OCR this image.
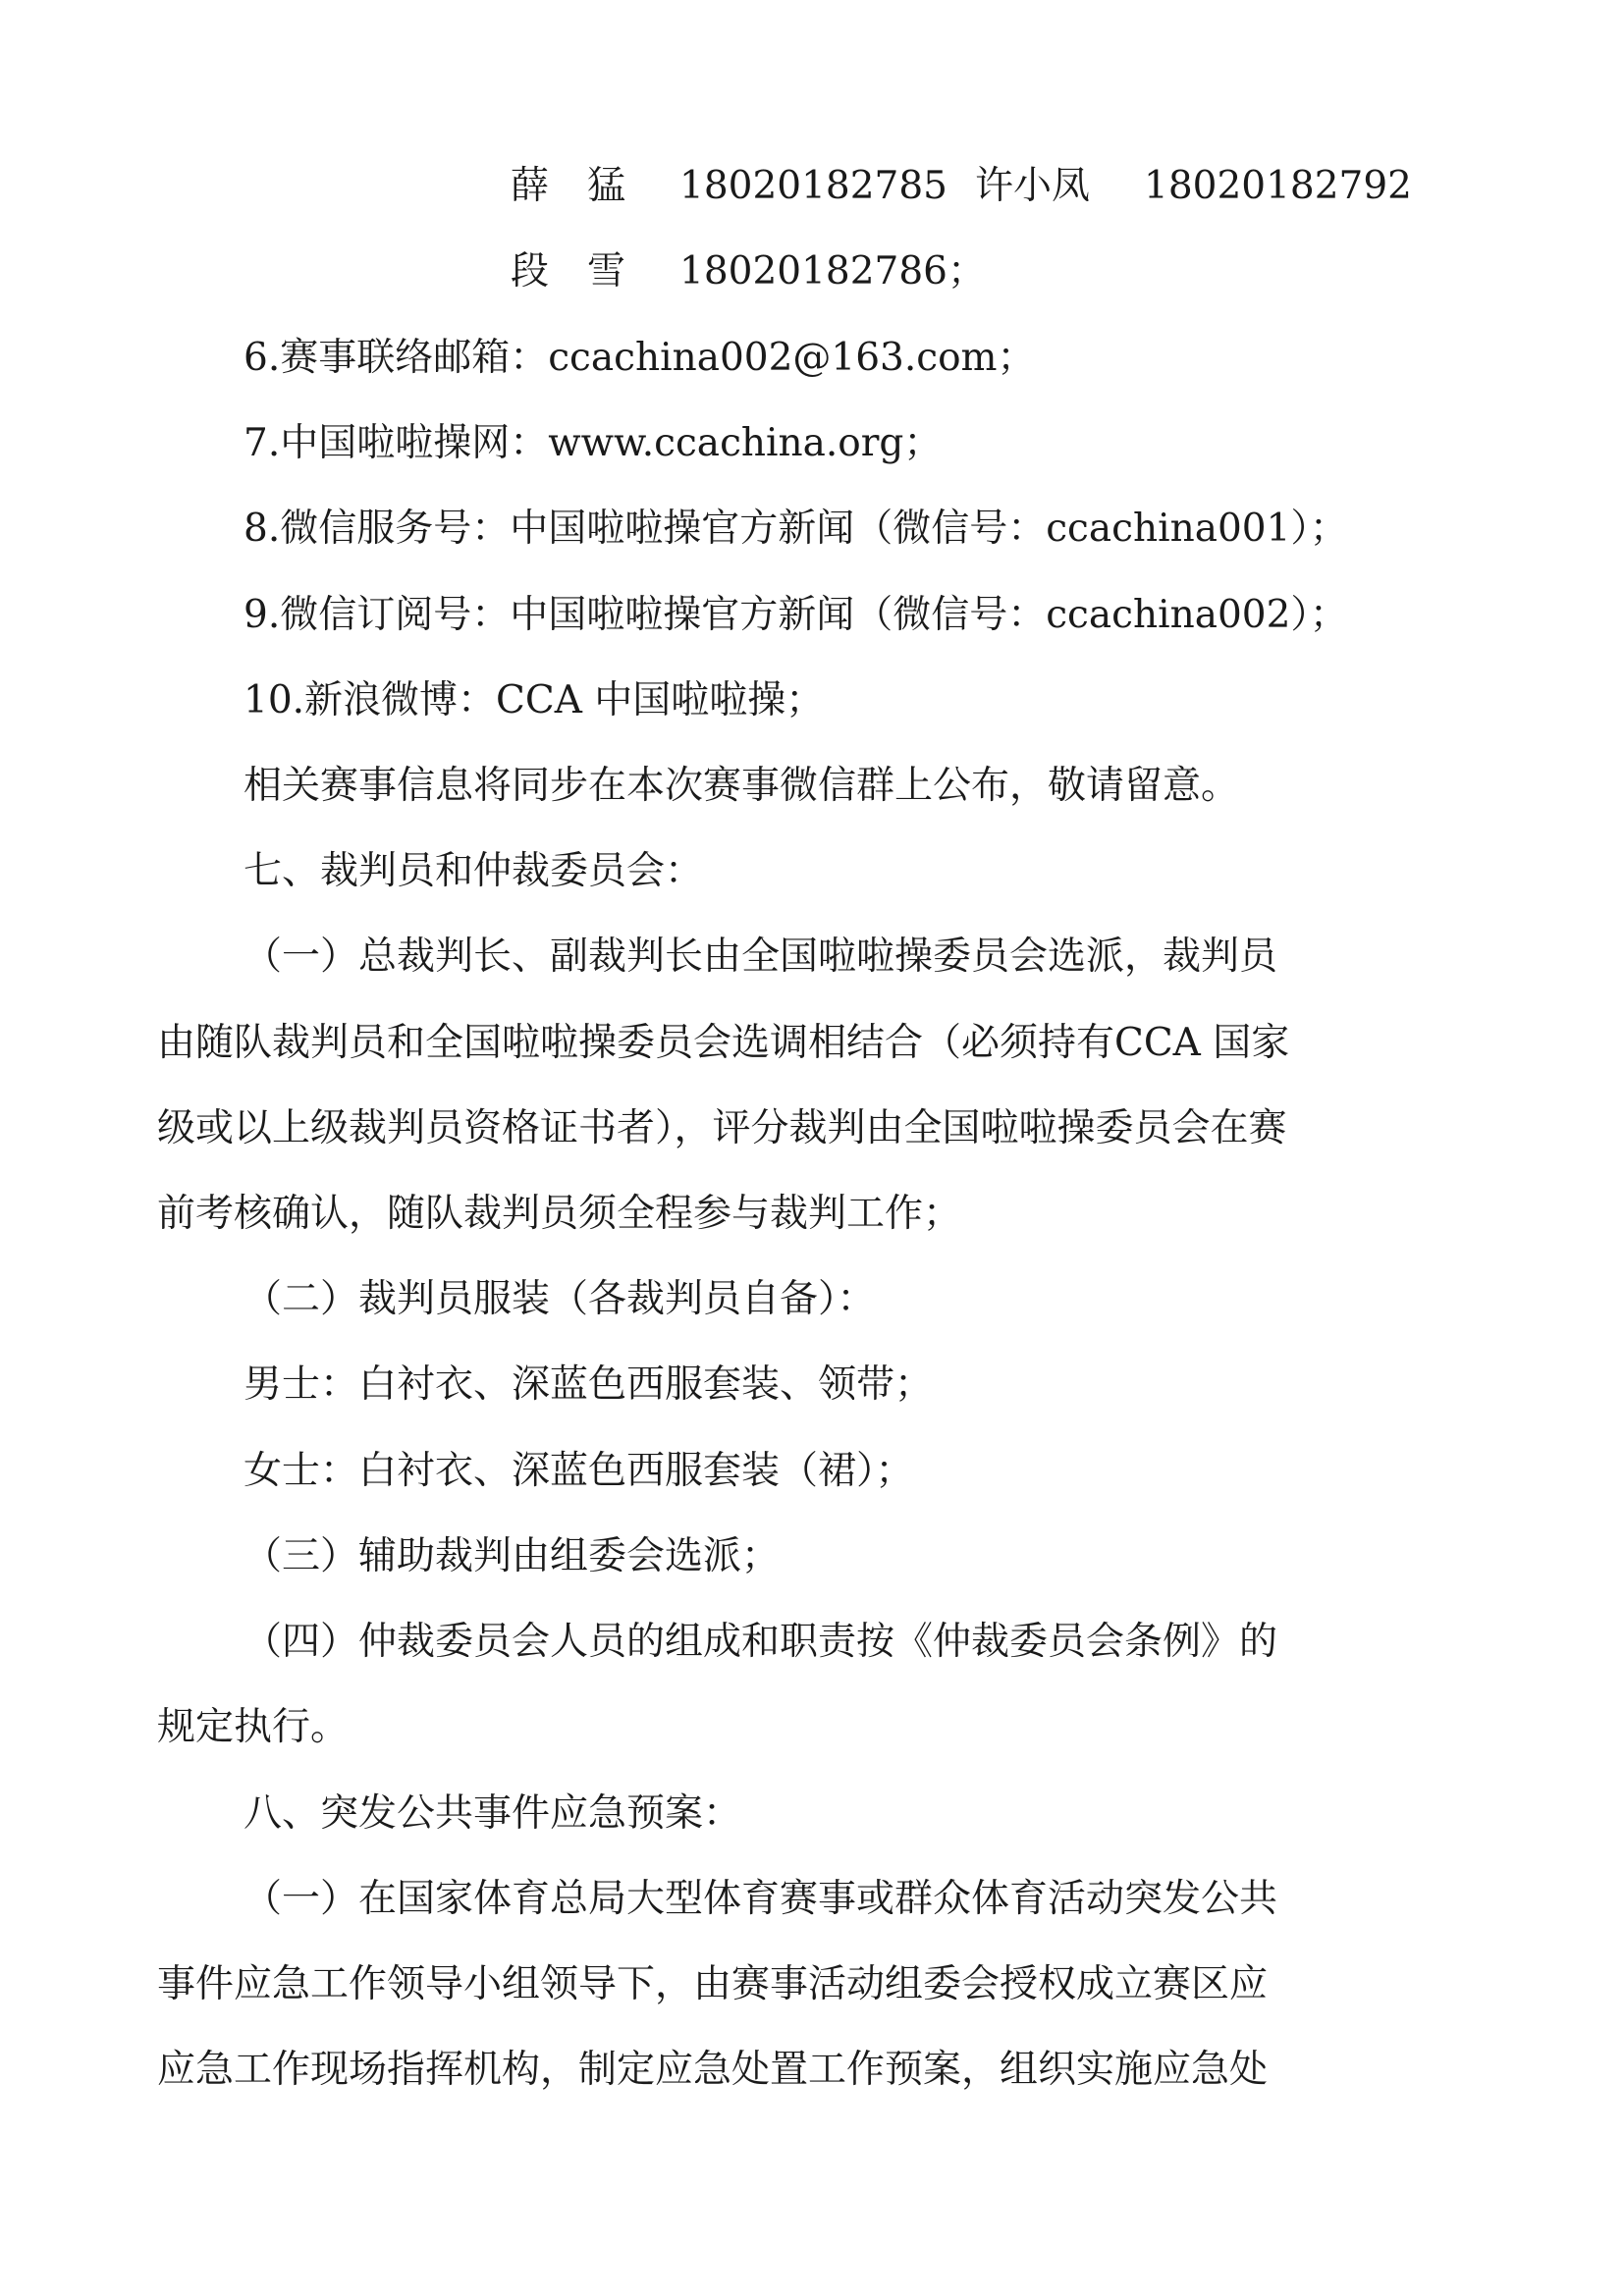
薛　猛 18020182785 许小凤 18020182792
段　雪 18020182786；
6.赛事联络邮箱：ccachina002@163.com；
7.中国啦啦操网：www.ccachina.org；
8.微信服务号：中国啦啦操官方新闻（微信号：ccachina001）；
9.微信订阅号：中国啦啦操官方新闻（微信号：ccachina002）；
10.新浪微博：CCA 中国啦啦操；
相关赛事信息将同步在本次赛事微信群上公布，敬请留意。
七、裁判员和仲裁委员会：
（一）总裁判长、副裁判长由全国啦啦操委员会选派，裁判员
由随队裁判员和全国啦啦操委员会选调相结合（必须持有CCA 国家
级或以上级裁判员资格证书者），评分裁判由全国啦啦操委员会在赛
前考核确认，随队裁判员须全程参与裁判工作；
（二）裁判员服装（各裁判员自备）：
男士：白衬衣、深蓝色西服套装、领带；
女士：白衬衣、深蓝色西服套装（裙）；
（三）辅助裁判由组委会选派；
（四）仲裁委员会人员的组成和职责按《仲裁委员会条例》的
规定执行。
八、突发公共事件应急预案：
（一）在国家体育总局大型体育赛事或群众体育活动突发公共
事件应急工作领导小组领导下，由赛事活动组委会授权成立赛区应
应急工作现场指挥机构，制定应急处置工作预案，组织实施应急处
